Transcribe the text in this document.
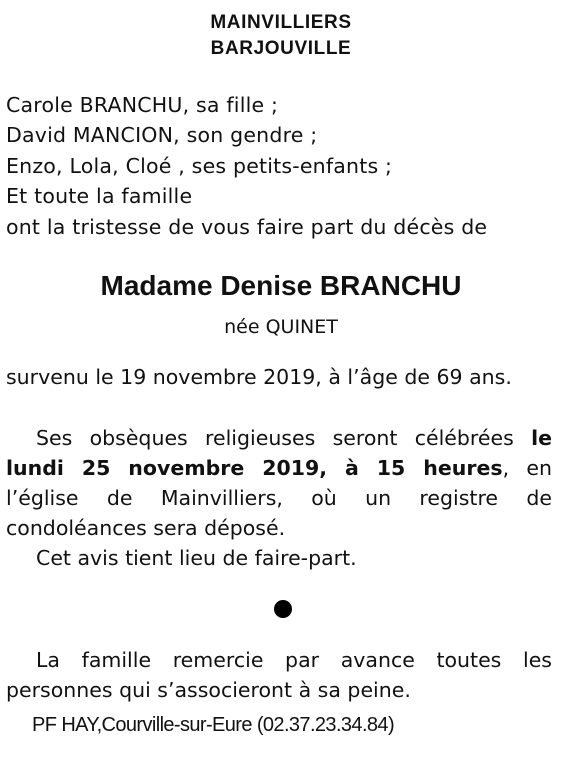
MAINVILLIERS
BARJOUVILLE
Carole BRANCHU, sa fille ;
David MANCION, son gendre ;
Enzo, Lola, Cloé , ses petits-enfants ;
Et toute la famille
ont la tristesse de vous faire part du décès de
Madame Denise BRANCHU
née QUINET
survenu le 19 novembre 2019, à l’âge de 69 ans.
Ses obsèques religieuses seront célébrées le lundi 25 novembre 2019, à 15 heures, en l’église de Mainvilliers, où un registre de condoléances sera déposé.
Cet avis tient lieu de faire-part.
La famille remercie par avance toutes les personnes qui s’associeront à sa peine.
PF HAY,Courville-sur-Eure (02.37.23.34.84)
